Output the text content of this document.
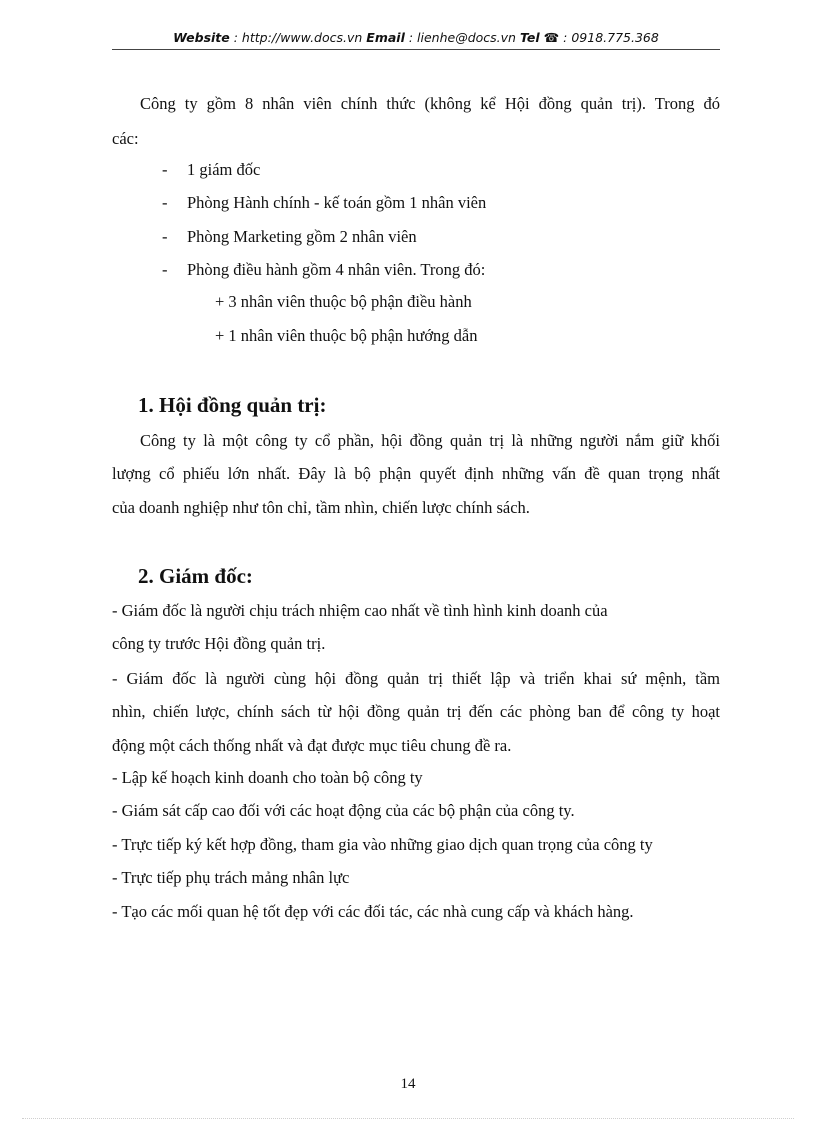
Website : http://www.docs.vn Email : lienhe@docs.vn Tel ☎ : 0918.775.368
Công ty gồm 8 nhân viên chính thức (không kể Hội đồng quản trị). Trong đó
các:
- 1 giám đốc
- Phòng Hành chính - kế toán gồm 1 nhân viên
- Phòng Marketing gồm 2 nhân viên
- Phòng điều hành gồm 4 nhân viên. Trong đó:
+ 3 nhân viên thuộc bộ phận điều hành
+ 1 nhân viên thuộc bộ phận hướng dẫn
1. Hội đồng quản trị:
Công ty là một công ty cổ phần, hội đồng quản trị là những người nắm giữ khối
lượng cổ phiếu lớn nhất. Đây là bộ phận quyết định những vấn đề quan trọng nhất
của doanh nghiệp như tôn chỉ, tầm nhìn, chiến lược chính sách.
2. Giám đốc:
- Giám đốc là người chịu trách nhiệm cao nhất về tình hình kinh doanh của
công ty trước Hội đồng quản trị.
- Giám đốc là người cùng hội đồng quản trị thiết lập và triển khai sứ mệnh, tầm
nhìn, chiến lược, chính sách từ hội đồng quản trị đến các phòng ban để công ty hoạt
động một cách thống nhất và đạt được mục tiêu chung đề ra.
- Lập kế hoạch kinh doanh cho toàn bộ công ty
- Giám sát cấp cao đối với các hoạt động của các bộ phận của công ty.
- Trực tiếp ký kết hợp đồng, tham gia vào những giao dịch quan trọng của công ty
- Trực tiếp phụ trách mảng nhân lực
- Tạo các mối quan hệ tốt đẹp với các đối tác, các nhà cung cấp và khách hàng.
14
